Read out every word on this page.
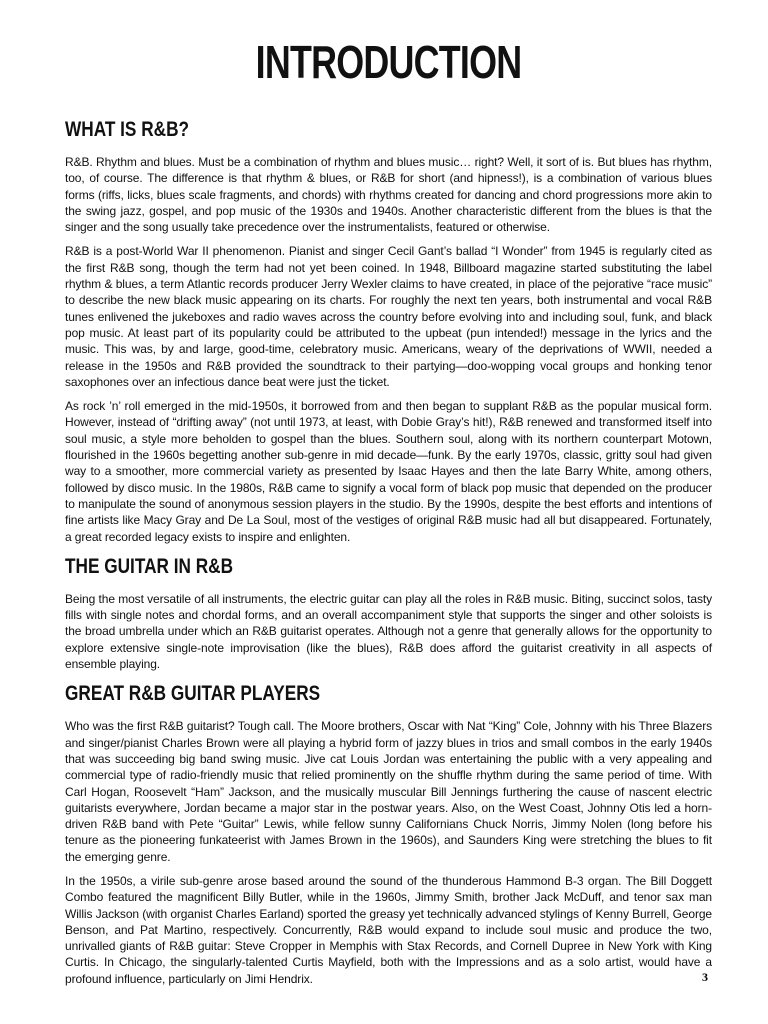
INTRODUCTION
WHAT IS R&B?

R&B. Rhythm and blues. Must be a combination of rhythm and blues music… right? Well, it sort of is. But blues has rhythm, too, of course. The difference is that rhythm & blues, or R&B for short (and hipness!), is a combination of various blues forms (riffs, licks, blues scale fragments, and chords) with rhythms created for dancing and chord progressions more akin to the swing jazz, gospel, and pop music of the 1930s and 1940s. Another characteristic different from the blues is that the singer and the song usually take precedence over the instrumentalists, featured or otherwise.

R&B is a post-World War II phenomenon. Pianist and singer Cecil Gant’s ballad “I Wonder” from 1945 is regularly cited as the first R&B song, though the term had not yet been coined. In 1948, Billboard magazine started substituting the label rhythm & blues, a term Atlantic records producer Jerry Wexler claims to have created, in place of the pejorative “race music” to describe the new black music appearing on its charts. For roughly the next ten years, both instrumental and vocal R&B tunes enlivened the jukeboxes and radio waves across the country before evolving into and including soul, funk, and black pop music. At least part of its popularity could be attributed to the upbeat (pun intended!) message in the lyrics and the music. This was, by and large, good-time, celebratory music. Americans, weary of the deprivations of WWII, needed a release in the 1950s and R&B provided the soundtrack to their partying—doo-wopping vocal groups and honking tenor saxophones over an infectious dance beat were just the ticket.

As rock ’n’ roll emerged in the mid-1950s, it borrowed from and then began to supplant R&B as the popular musical form. However, instead of “drifting away” (not until 1973, at least, with Dobie Gray’s hit!), R&B renewed and transformed itself into soul music, a style more beholden to gospel than the blues. Southern soul, along with its northern counterpart Motown, flourished in the 1960s begetting another sub-genre in mid decade—funk. By the early 1970s, classic, gritty soul had given way to a smoother, more commercial variety as presented by Isaac Hayes and then the late Barry White, among others, followed by disco music. In the 1980s, R&B came to signify a vocal form of black pop music that depended on the producer to manipulate the sound of anonymous session players in the studio. By the 1990s, despite the best efforts and intentions of fine artists like Macy Gray and De La Soul, most of the vestiges of original R&B music had all but disappeared. Fortunately, a great recorded legacy exists to inspire and enlighten.

THE GUITAR IN R&B

Being the most versatile of all instruments, the electric guitar can play all the roles in R&B music. Biting, succinct solos, tasty fills with single notes and chordal forms, and an overall accompaniment style that supports the singer and other soloists is the broad umbrella under which an R&B guitarist operates. Although not a genre that generally allows for the opportunity to explore extensive single-note improvisation (like the blues), R&B does afford the guitarist creativity in all aspects of ensemble playing.

GREAT R&B GUITAR PLAYERS

Who was the first R&B guitarist? Tough call. The Moore brothers, Oscar with Nat “King” Cole, Johnny with his Three Blazers and singer/pianist Charles Brown were all playing a hybrid form of jazzy blues in trios and small combos in the early 1940s that was succeeding big band swing music. Jive cat Louis Jordan was entertaining the public with a very appealing and commercial type of radio-friendly music that relied prominently on the shuffle rhythm during the same period of time. With Carl Hogan, Roosevelt “Ham” Jackson, and the musically muscular Bill Jennings furthering the cause of nascent electric guitarists everywhere, Jordan became a major star in the postwar years. Also, on the West Coast, Johnny Otis led a horn-driven R&B band with Pete “Guitar” Lewis, while fellow sunny Californians Chuck Norris, Jimmy Nolen (long before his tenure as the pioneering funkateerist with James Brown in the 1960s), and Saunders King were stretching the blues to fit the emerging genre.

In the 1950s, a virile sub-genre arose based around the sound of the thunderous Hammond B-3 organ. The Bill Doggett Combo featured the magnificent Billy Butler, while in the 1960s, Jimmy Smith, brother Jack McDuff, and tenor sax man Willis Jackson (with organist Charles Earland) sported the greasy yet technically advanced stylings of Kenny Burrell, George Benson, and Pat Martino, respectively. Concurrently, R&B would expand to include soul music and produce the two, unrivalled giants of R&B guitar: Steve Cropper in Memphis with Stax Records, and Cornell Dupree in New York with King Curtis. In Chicago, the singularly-talented Curtis Mayfield, both with the Impressions and as a solo artist, would have a profound influence, particularly on Jimi Hendrix.	3
